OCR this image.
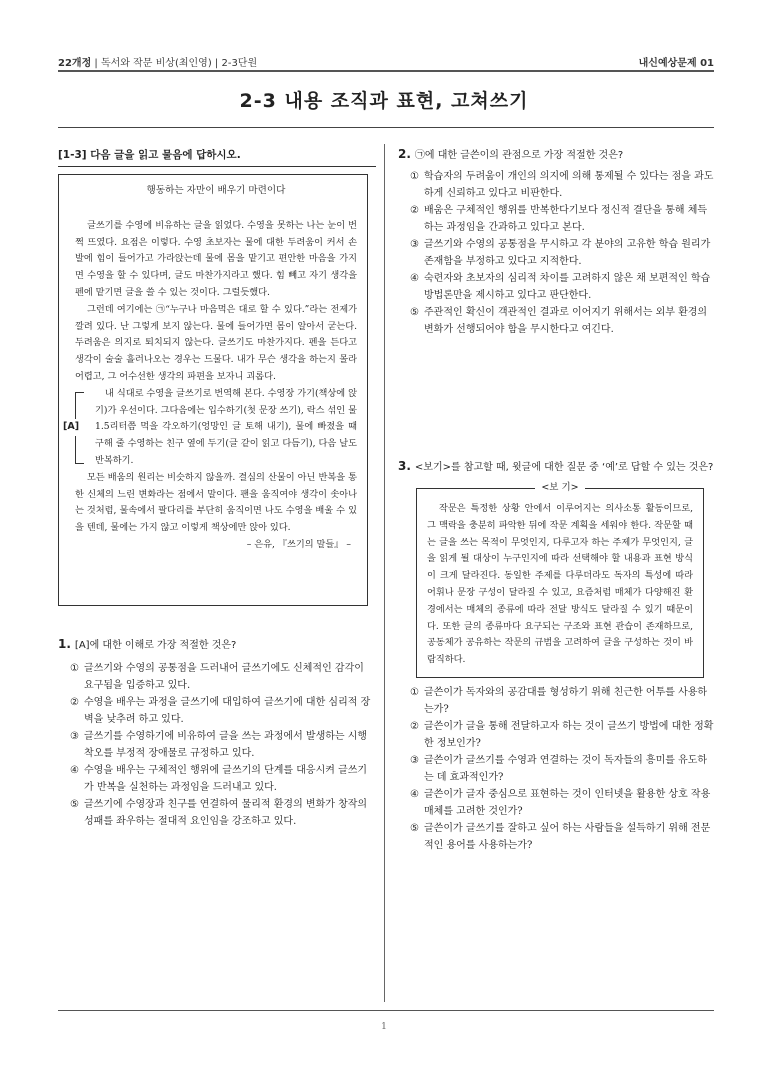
22개정 | 독서와 작문 비상(최인영) | 2-3단원	내신예상문제 01
2-3 내용 조직과 표현, 고쳐쓰기
[1-3] 다음 글을 읽고 물음에 답하시오.
행동하는 자만이 배우기 마련이다

글쓰기를 수영에 비유하는 글을 읽었다. 수영을 못하는 나는 눈이 번쩍 뜨였다. 요점은 이렇다. 수영 초보자는 물에 대한 두려움이 커서 손발에 힘이 들어가고 가라앉는데 물에 몸을 맡기고 편안한 마음을 가지면 수영을 할 수 있다며, 글도 마찬가지라고 했다. 힘 빼고 자기 생각을 펜에 맡기면 글을 쓸 수 있는 것이다. 그럴듯했다.

그런데 여기에는 ㉠“누구나 마음먹은 대로 할 수 있다.”라는 전제가 깔려 있다. 난 그렇게 보지 않는다. 물에 들어가면 몸이 알아서 굳는다. 두려움은 의지로 퇴치되지 않는다. 글쓰기도 마찬가지다. 펜을 든다고 생각이 술술 흘러나오는 경우는 드물다. 내가 무슨 생각을 하는지 몰라 어렵고, 그 어수선한 생각의 파편을 보자니 괴롭다.

[A]

내 식대로 수영을 글쓰기로 번역해 본다. 수영장 가기(책상에 앉기)가 우선이다. 그다음에는 입수하기(첫 문장 쓰기), 락스 섞인 물 1.5리터쯤 먹을 각오하기(엉망인 글 토해 내기), 물에 빠졌을 때 구해 줄 수영하는 친구 옆에 두기(글 같이 읽고 다듬기), 다음 날도 반복하기.

모든 배움의 원리는 비슷하지 않을까. 결심의 산물이 아닌 반복을 통한 신체의 느린 변화라는 점에서 말이다. 팬을 움직여야 생각이 솟아나는 것처럼, 물속에서 팔다리를 부단히 움직이면 나도 수영을 배울 수 있을 텐데, 물에는 가지 않고 이렇게 책상에만 앉아 있다.

– 은유, 『쓰기의 말들』 –
1. [A]에 대한 이해로 가장 적절한 것은?

① 글쓰기와 수영의 공통점을 드러내어 글쓰기에도 신체적인 감각이 요구됨을 입증하고 있다.

② 수영을 배우는 과정을 글쓰기에 대입하여 글쓰기에 대한 심리적 장벽을 낮추려 하고 있다.

③ 글쓰기를 수영하기에 비유하여 글을 쓰는 과정에서 발생하는 시행착오를 부정적 장애물로 규정하고 있다.

④ 수영을 배우는 구체적인 행위에 글쓰기의 단계를 대응시켜 글쓰기가 반복을 실천하는 과정임을 드러내고 있다.

⑤ 글쓰기에 수영장과 친구를 연결하여 물리적 환경의 변화가 창작의 성패를 좌우하는 절대적 요인임을 강조하고 있다.

2. ㉠에 대한 글쓴이의 관점으로 가장 적절한 것은?

① 학습자의 두려움이 개인의 의지에 의해 통제될 수 있다는 점을 과도하게 신뢰하고 있다고 비판한다.

② 배움은 구체적인 행위를 반복한다기보다 정신적 결단을 통해 체득하는 과정임을 간과하고 있다고 본다.

③ 글쓰기와 수영의 공통점을 무시하고 각 분야의 고유한 학습 원리가 존재함을 부정하고 있다고 지적한다.

④ 숙련자와 초보자의 심리적 차이를 고려하지 않은 채 보편적인 학습 방법론만을 제시하고 있다고 판단한다.

⑤ 주관적인 확신이 객관적인 결과로 이어지기 위해서는 외부 환경의 변화가 선행되어야 함을 무시한다고 여긴다.

3. <보기>를 참고할 때, 윗글에 대한 질문 중 ‘예’로 답할 수 있는 것은?
<보 기>

작문은 특정한 상황 안에서 이루어지는 의사소통 활동이므로, 그 맥락을 충분히 파악한 뒤에 작문 계획을 세워야 한다. 작문할 때는 글을 쓰는 목적이 무엇인지, 다루고자 하는 주제가 무엇인지, 글을 읽게 될 대상이 누구인지에 따라 선택해야 할 내용과 표현 방식이 크게 달라진다. 동일한 주제를 다루더라도 독자의 특성에 따라 어휘나 문장 구성이 달라질 수 있고, 요즘처럼 매체가 다양해진 환경에서는 매체의 종류에 따라 전달 방식도 달라질 수 있기 때문이다. 또한 글의 종류마다 요구되는 구조와 표현 관습이 존재하므로, 공동체가 공유하는 작문의 규범을 고려하여 글을 구성하는 것이 바람직하다.

① 글쓴이가 독자와의 공감대를 형성하기 위해 친근한 어투를 사용하는가?

② 글쓴이가 글을 통해 전달하고자 하는 것이 글쓰기 방법에 대한 정확한 정보인가?

③ 글쓴이가 글쓰기를 수영과 연결하는 것이 독자들의 흥미를 유도하는 데 효과적인가?

④ 글쓴이가 글자 중심으로 표현하는 것이 인터넷을 활용한 상호 작용 매체를 고려한 것인가?

⑤ 글쓴이가 글쓰기를 잘하고 싶어 하는 사람들을 설득하기 위해 전문적인 용어를 사용하는가?

1
